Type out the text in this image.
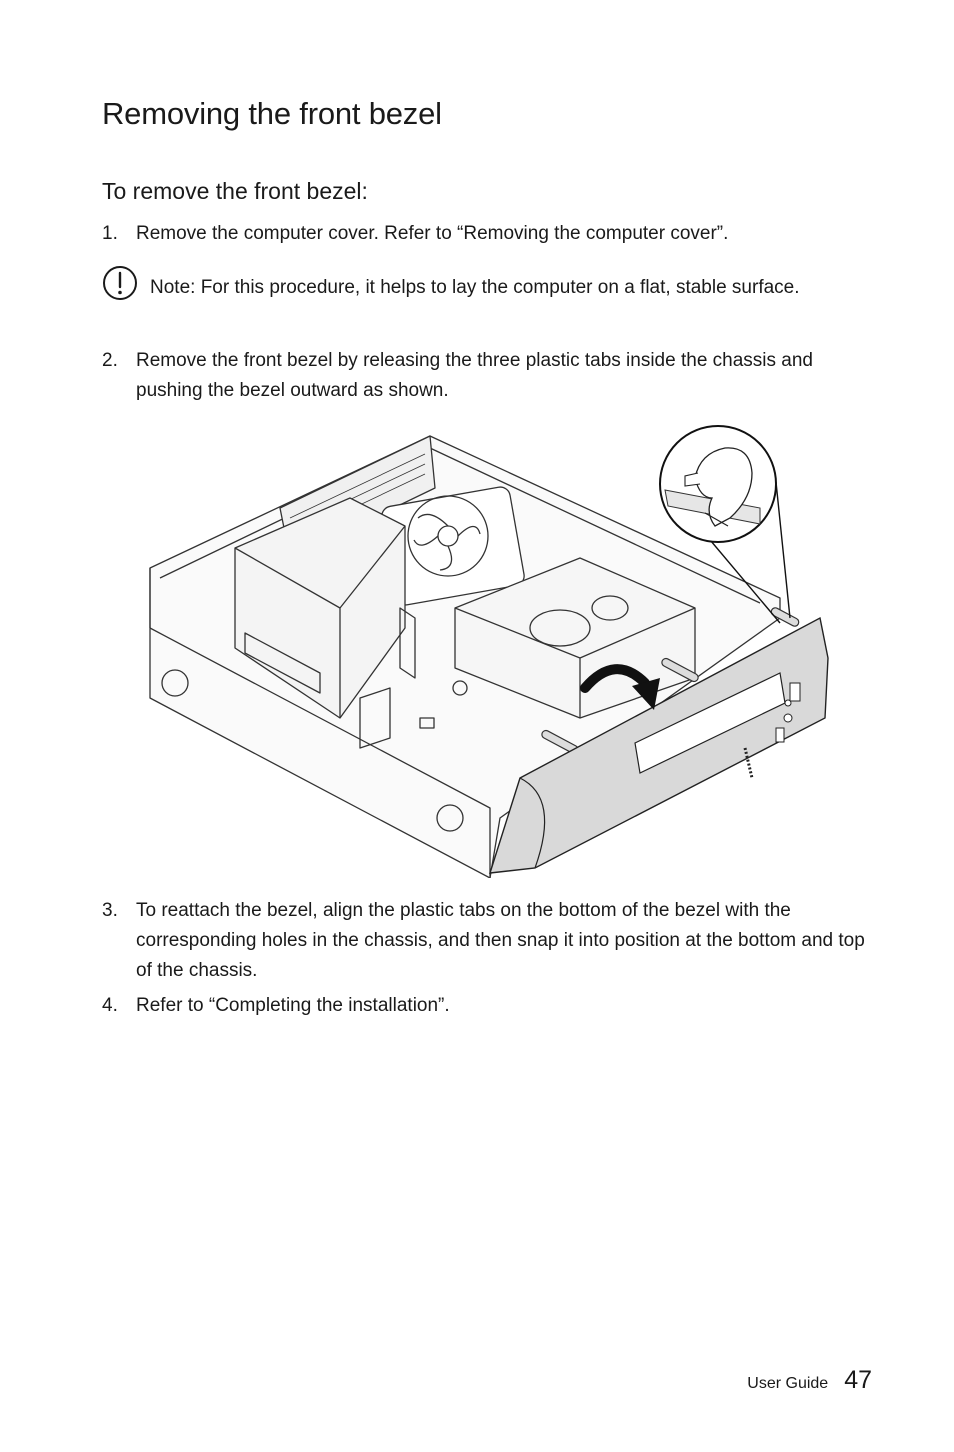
Removing the front bezel
To remove the front bezel:
1. Remove the computer cover. Refer to “Removing the computer cover”.
Note: For this procedure, it helps to lay the computer on a flat, stable surface.
2. Remove the front bezel by releasing the three plastic tabs inside the chassis and pushing the bezel outward as shown.
3. To reattach the bezel, align the plastic tabs on the bottom of the bezel with the corresponding holes in the chassis, and then snap it into position at the bottom and top of the chassis.
4. Refer to “Completing the installation”.
User Guide 47
